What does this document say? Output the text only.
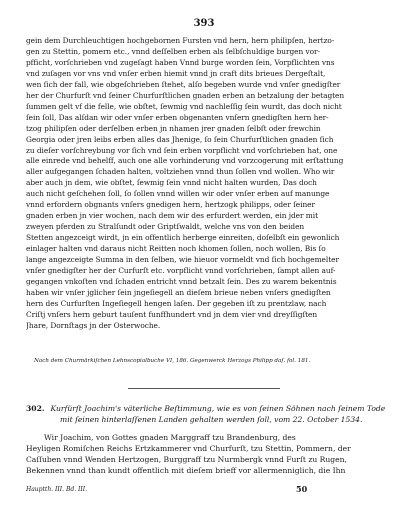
393
gein dem Durchleuchtigen hochgebornen Fursten vnd hern, hern philipſen, hertzo-
gen zu Stettin, pomern etc., vnnd deſſelben erben als ſelbſchuldige burgen vor-
pfficht, vorſchrieben vnd zugeſagt haben Vnnd burge worden ſein, Vorpflichten vns
vnd zuſagen vor vns vnd vnſer erben hiemit vnnd jn craft dits brieues Dergeſtalt,
wen ſich der fall, wie obgeſchrieben ſtehet, alſo begeben wurde vnd vnſer gnedigſter
her der Churfurſt vnd ſeiner Churfurſtlichen gnaden erben an betzalung der betagten
ſummen gelt vf die felle, wie obſtet, ſewmig vnd nachleſſig ſein wurdt, das doch nicht
ſein ſoll, Das alſdan wir oder vnſer erben obgenanten vnſern gnedigſten hern her-
tzog philipſen oder derſelben erben jn nhamen jrer gnaden ſelbſt oder frewchin
Georgia oder jren leibs erben alles das Jhenige, ſo ſein Churfurſtlichen gnaden ſich
zu dieſer vorſchreybung vor ſich vnd ſein erben vorpflicht vnd vorſchrieben hat, one
alle einrede vnd behelff, auch one alle vorhinderung vnd vorzcogerung mit erſtattung
aller aufgegangen ſchaden halten, voltziehen vnnd thun ſollen vnd wollen. Who wir
aber auch jn dem, wie obſtet, ſewmig ſein vnnd nicht halten wurden, Das doch
auch nicht geſchehen ſoll, ſo ſollen vnnd willen wir oder vnſer erben auf manunge
vnnd erfordern obgnants vnſers gnedigen hern, hertzogk philipps, oder ſeiner
gnaden erben jn vier wochen, nach dem wir des erfurdert werden, ein jder mit
zweyen pferden zu Stralſundt oder Griptſwaldt, welche vns von den beiden
Stetten angezceigt wirdt, jn ein offentlich herberge einreiten, doſelbſt ein gewonlich
einlager halten vnd daraus nicht Reitten noch khomen ſollen, noch wollen, Bis ſo
lange angezceigte Summa in den ſelben, wie hieuor vormeldt vnd ſich hochgemelter
vnſer gnedigſter her der Curfurſt etc. vorpflicht vnnd vorſchrieben, ſampt allen auf-
gegangen vnkoſten vnd ſchaden entricht vnnd betzalt ſein. Des zu warem bekentnis
haben wir vnſer jglicher ſein jngeſiegell an dieſem brieue neben vnſers gnedigſten
hern des Curfurſten Ingeſiegell hengen laſen. Der gegeben iſt zu prentzlaw, nach
Criſtj vnſers hern geburt tauſent funffhundert vnd jn dem vier vnd dreyſſigſten
Jhare, Dornſtags jn der Osterwoche.
Nach dem Churmärkiſchen Lehnscopialbuche VI, 186. Gegenwerck Herzogs Philipp daſ. fol. 181.
302. Kurfürſt Joachim's väterliche Beſtimmung, wie es von ſeinen Söhnen nach ſeinem Tode
mit ſeinen hinterlaſſenen Landen gehalten werden ſoll, vom 22. October 1534.
Wir Joachim, von Gottes gnaden Marggraff tzu Brandenburg, des
Heyligen Romiſchen Reichs Ertzkammerer vnd Churfurſt, tzu Stettin, Pommern, der
Caſſuben vnnd Wenden Hertzogen, Burggraff tzu Nurmbergk vnnd Furſt zu Rugen,
Bekennen vnnd than kundt offentlich mit dieſem brieff vor allermenniglich, die Ihn
Hauptth. III. Bd. III.	50
